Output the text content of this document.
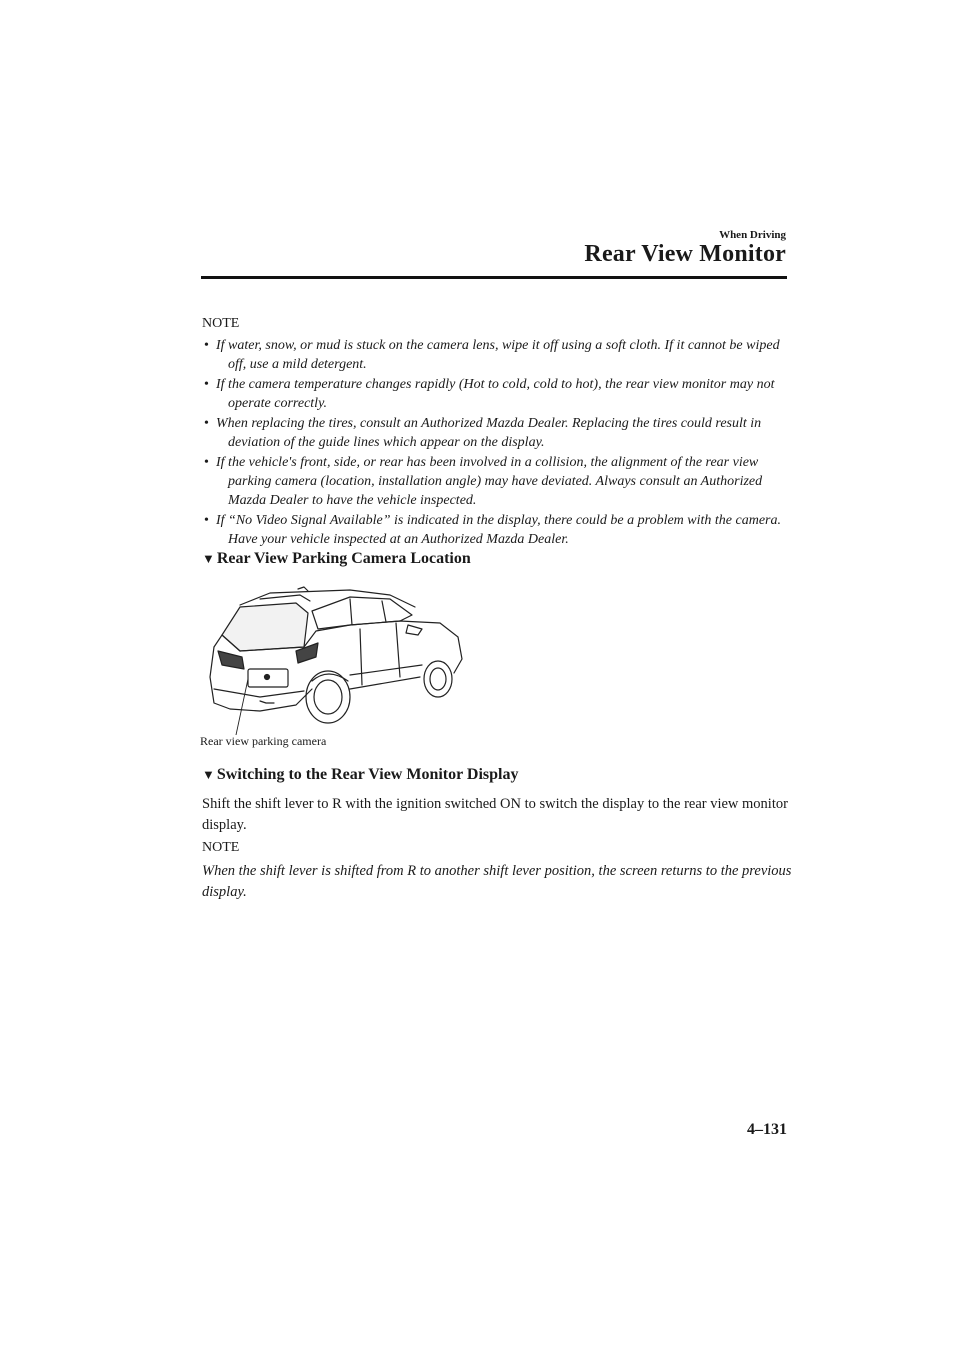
When Driving
Rear View Monitor
NOTE
• If water, snow, or mud is stuck on the camera lens, wipe it off using a soft cloth. If it cannot be wiped off, use a mild detergent.
• If the camera temperature changes rapidly (Hot to cold, cold to hot), the rear view monitor may not operate correctly.
• When replacing the tires, consult an Authorized Mazda Dealer. Replacing the tires could result in deviation of the guide lines which appear on the display.
• If the vehicle's front, side, or rear has been involved in a collision, the alignment of the rear view parking camera (location, installation angle) may have deviated. Always consult an Authorized Mazda Dealer to have the vehicle inspected.
• If “No Video Signal Available” is indicated in the display, there could be a problem with the camera. Have your vehicle inspected at an Authorized Mazda Dealer.
▼ Rear View Parking Camera Location
Rear view parking camera
▼ Switching to the Rear View Monitor Display
Shift the shift lever to R with the ignition switched ON to switch the display to the rear view monitor display.
NOTE
When the shift lever is shifted from R to another shift lever position, the screen returns to the previous display.
4–131
